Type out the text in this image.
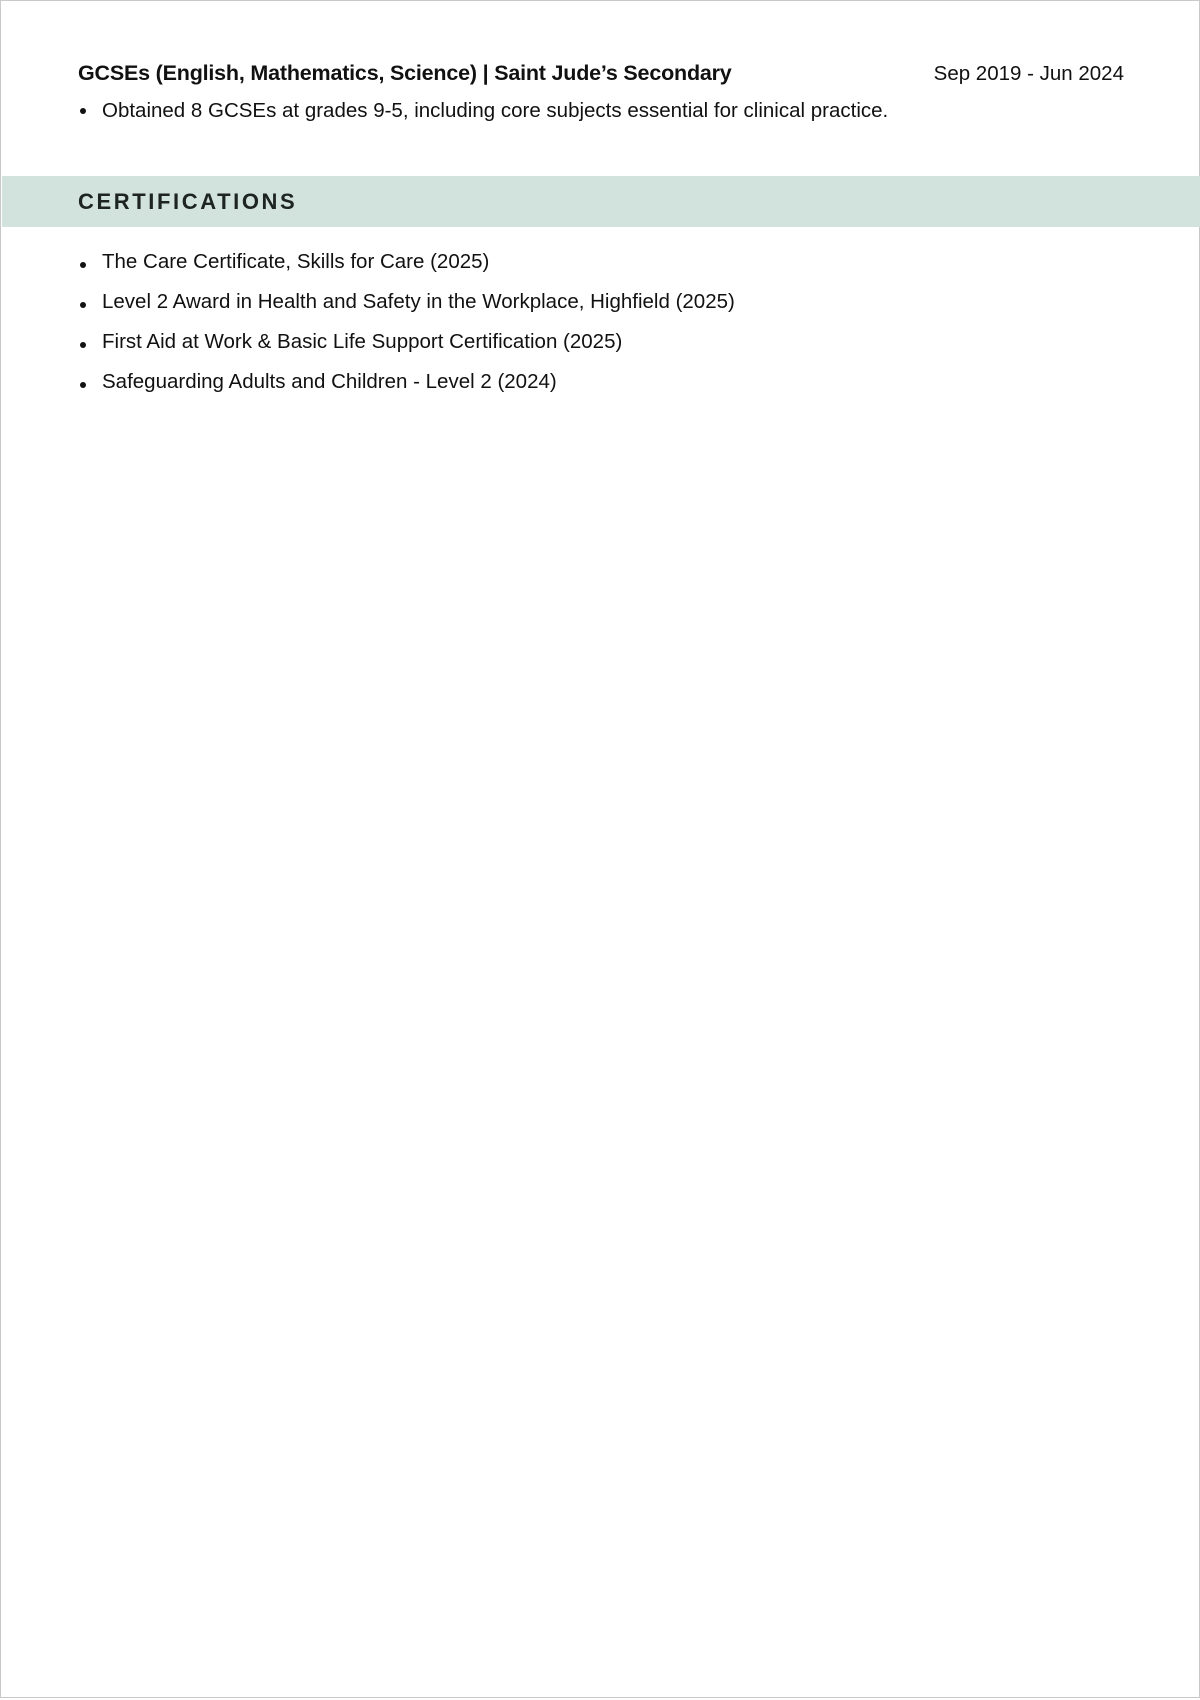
GCSEs (English, Mathematics, Science) | Saint Jude’s Secondary	Sep 2019 - Jun 2024
Obtained 8 GCSEs at grades 9-5, including core subjects essential for clinical practice.
CERTIFICATIONS
The Care Certificate, Skills for Care (2025)
Level 2 Award in Health and Safety in the Workplace, Highfield (2025)
First Aid at Work & Basic Life Support Certification (2025)
Safeguarding Adults and Children - Level 2 (2024)
